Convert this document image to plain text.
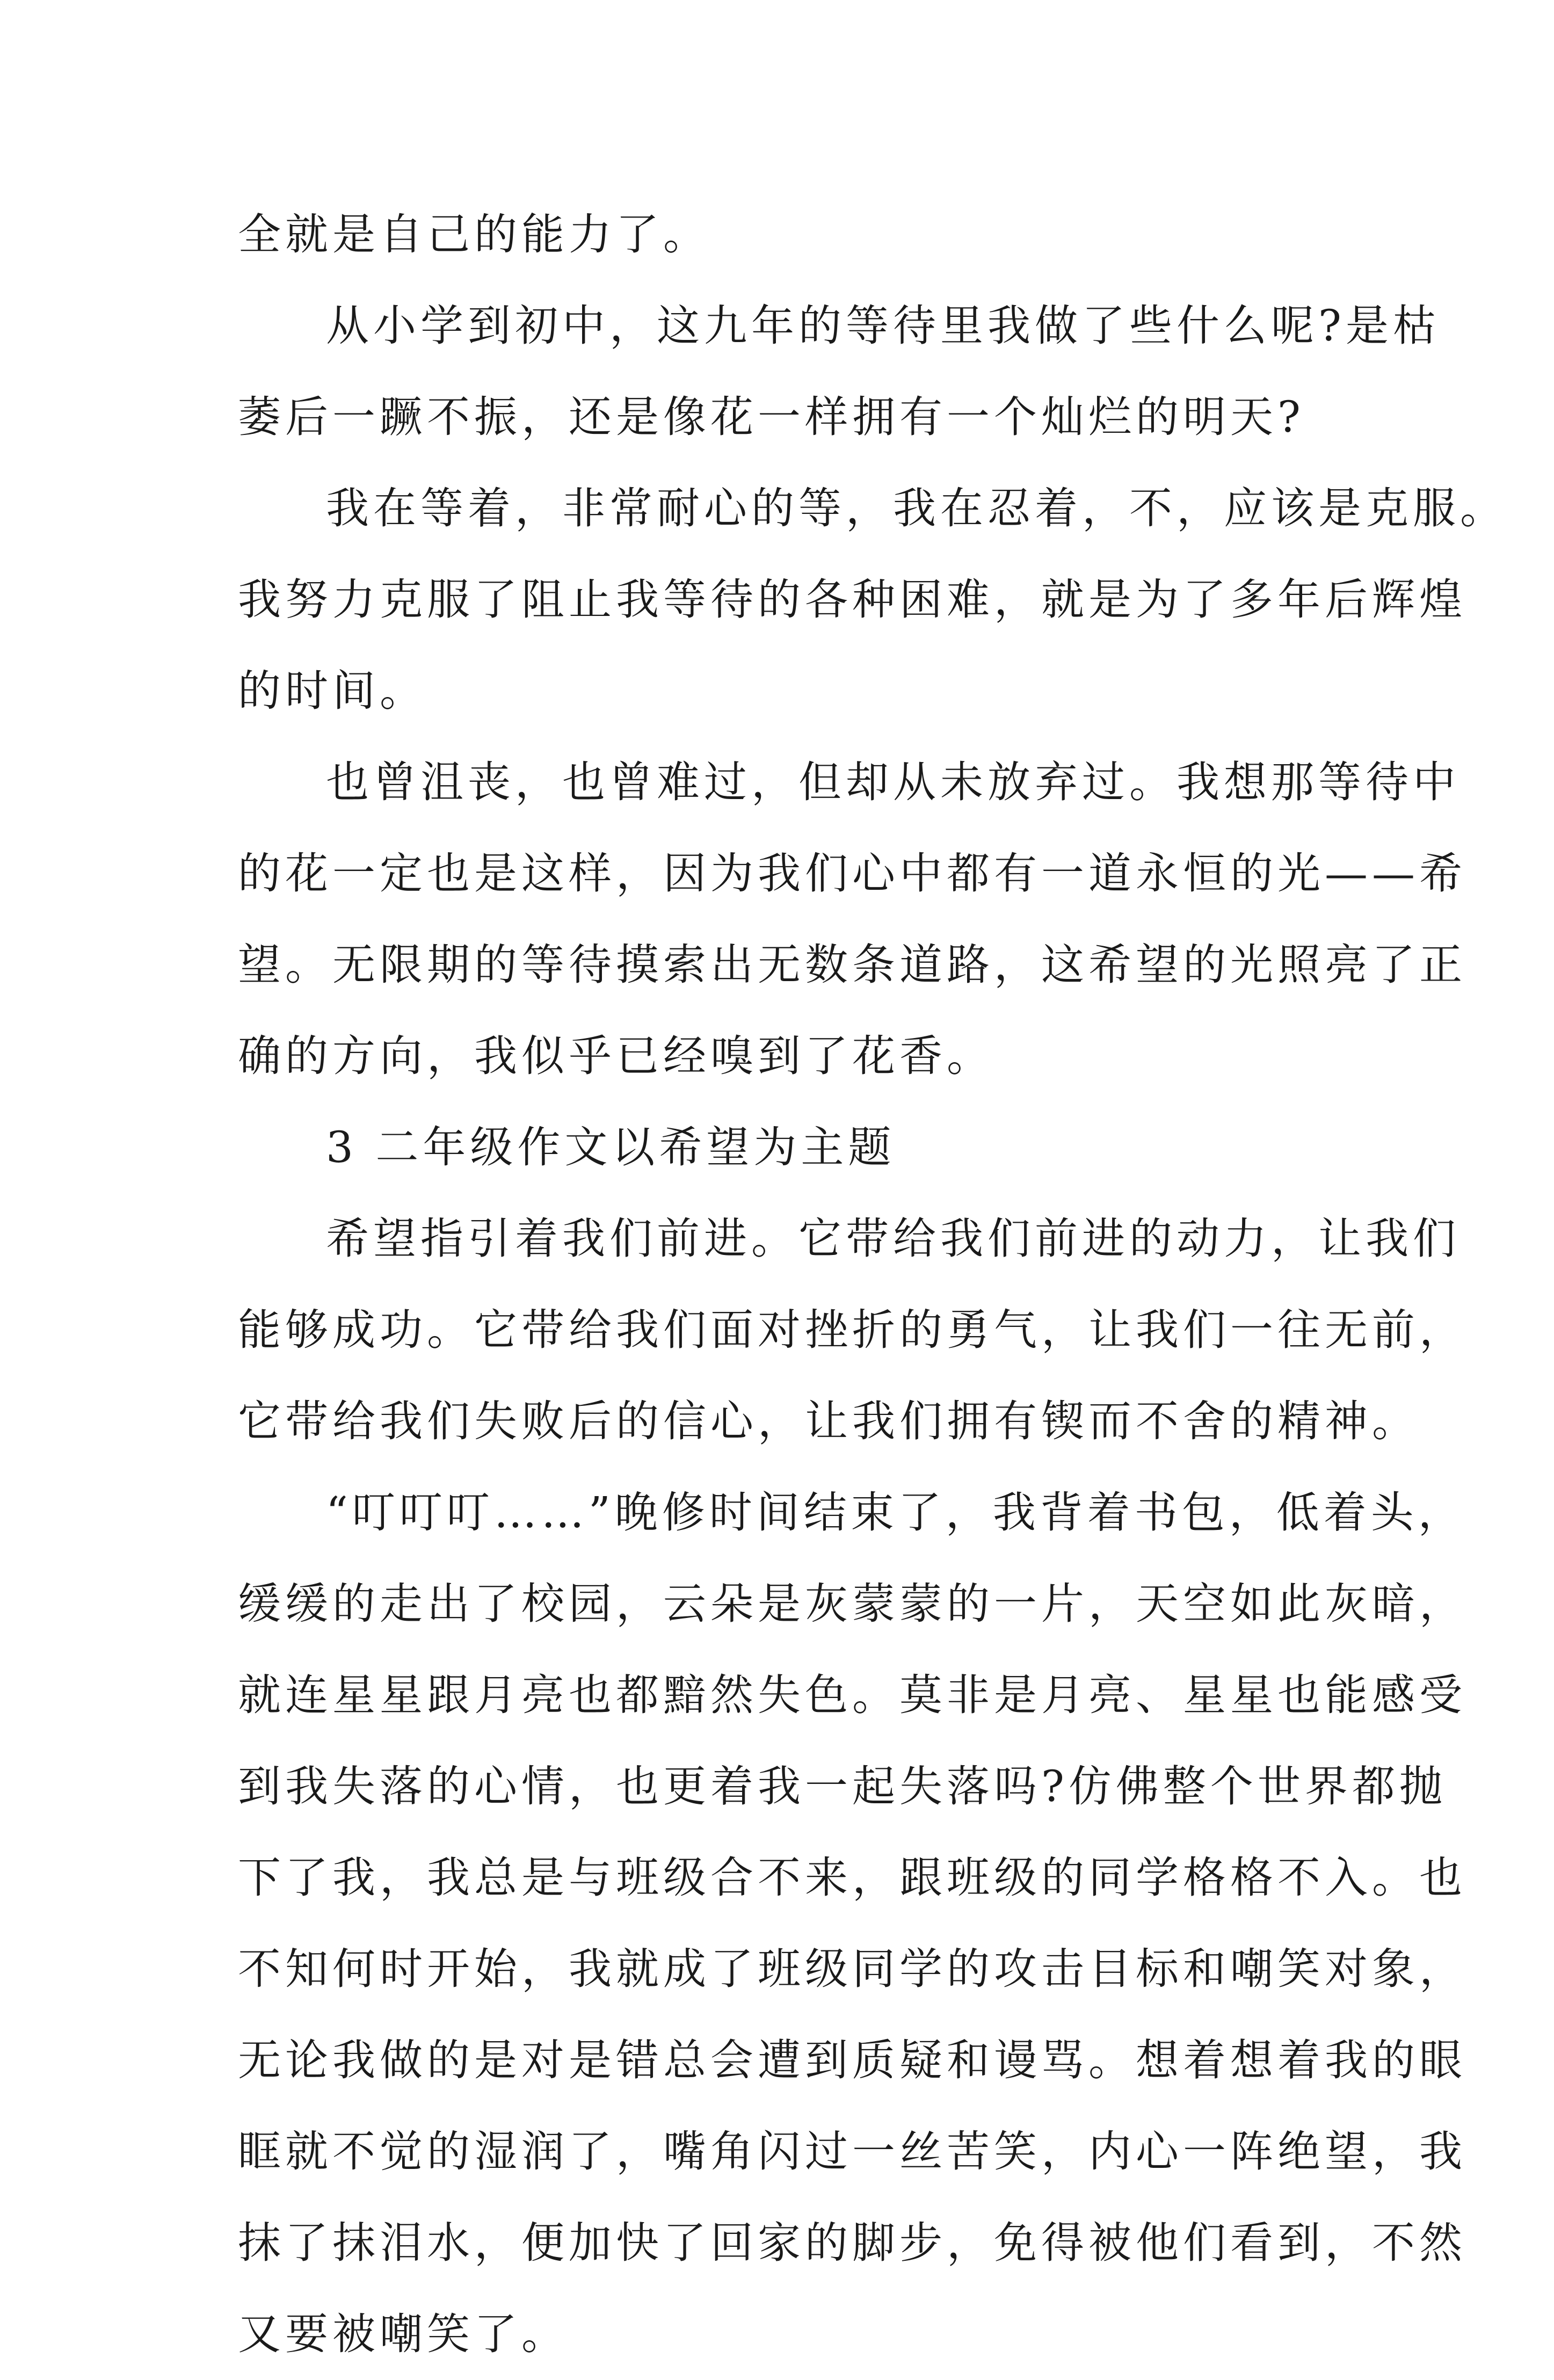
全就是自己的能力了。
从小学到初中，这九年的等待里我做了些什么呢?是枯
萎后一蹶不振，还是像花一样拥有一个灿烂的明天?
我在等着，非常耐心的等，我在忍着，不，应该是克服。
我努力克服了阻止我等待的各种困难，就是为了多年后辉煌
的时间。
也曾沮丧，也曾难过，但却从未放弃过。我想那等待中
的花一定也是这样，因为我们心中都有一道永恒的光——希
望。无限期的等待摸索出无数条道路，这希望的光照亮了正
确的方向，我似乎已经嗅到了花香。
3 二年级作文以希望为主题
希望指引着我们前进。它带给我们前进的动力，让我们
能够成功。它带给我们面对挫折的勇气，让我们一往无前，
它带给我们失败后的信心，让我们拥有锲而不舍的精神。
“叮叮叮……”晚修时间结束了，我背着书包，低着头，
缓缓的走出了校园，云朵是灰蒙蒙的一片，天空如此灰暗，
就连星星跟月亮也都黯然失色。莫非是月亮、星星也能感受
到我失落的心情，也更着我一起失落吗?仿佛整个世界都抛
下了我，我总是与班级合不来，跟班级的同学格格不入。也
不知何时开始，我就成了班级同学的攻击目标和嘲笑对象，
无论我做的是对是错总会遭到质疑和谩骂。想着想着我的眼
眶就不觉的湿润了，嘴角闪过一丝苦笑，内心一阵绝望，我
抹了抹泪水，便加快了回家的脚步，免得被他们看到，不然
又要被嘲笑了。
